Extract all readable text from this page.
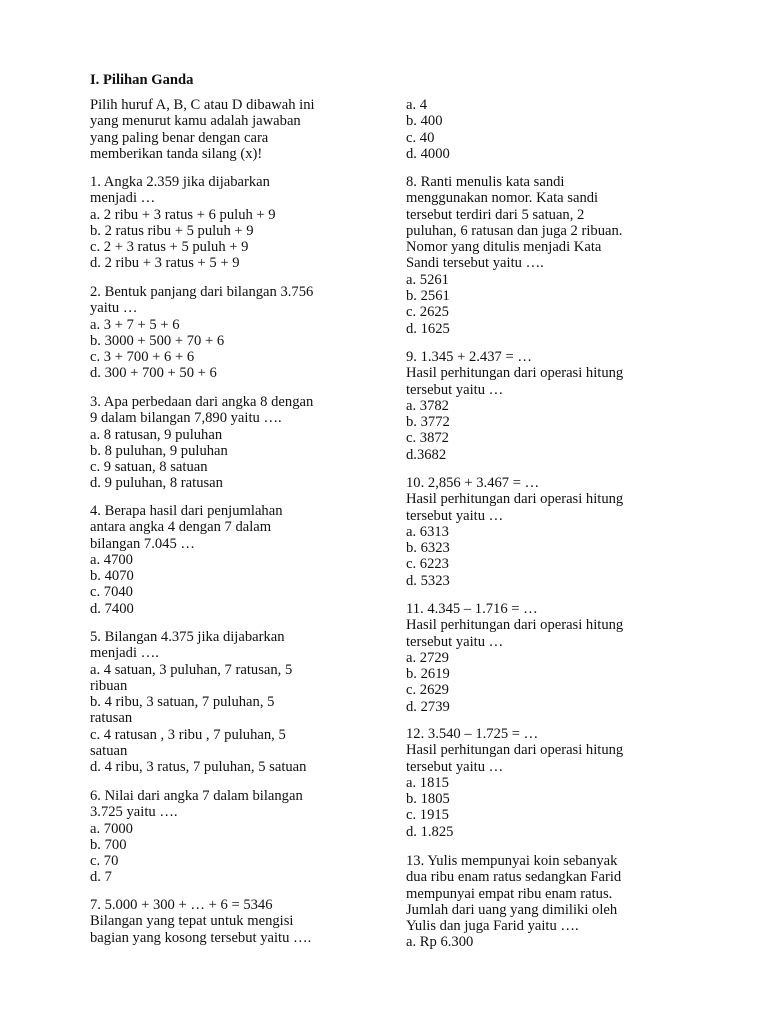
I. Pilihan Ganda
Pilih huruf A, B, C atau D dibawah ini
yang menurut kamu adalah jawaban
yang paling benar dengan cara
memberikan tanda silang (x)!
1. Angka 2.359 jika dijabarkan
menjadi …
a. 2 ribu + 3 ratus + 6 puluh + 9
b. 2 ratus ribu + 5 puluh + 9
c. 2 + 3 ratus + 5 puluh + 9
d. 2 ribu + 3 ratus + 5 + 9
2. Bentuk panjang dari bilangan 3.756
yaitu …
a. 3 + 7 + 5 + 6
b. 3000 + 500 + 70 + 6
c. 3 + 700 + 6 + 6
d. 300 + 700 + 50 + 6
3. Apa perbedaan dari angka 8 dengan
9 dalam bilangan 7,890 yaitu ….
a. 8 ratusan, 9 puluhan
b. 8 puluhan, 9 puluhan
c. 9 satuan, 8 satuan
d. 9 puluhan, 8 ratusan
4. Berapa hasil dari penjumlahan
antara angka 4 dengan 7 dalam
bilangan 7.045 …
a. 4700
b. 4070
c. 7040
d. 7400
5. Bilangan 4.375 jika dijabarkan
menjadi ….
a. 4 satuan, 3 puluhan, 7 ratusan, 5
ribuan
b. 4 ribu, 3 satuan, 7 puluhan, 5
ratusan
c. 4 ratusan , 3 ribu , 7 puluhan, 5
satuan
d. 4 ribu, 3 ratus, 7 puluhan, 5 satuan
6. Nilai dari angka 7 dalam bilangan
3.725 yaitu ….
a. 7000
b. 700
c. 70
d. 7
7. 5.000 + 300 + … + 6 = 5346
Bilangan yang tepat untuk mengisi
bagian yang kosong tersebut yaitu ….
a. 4
b. 400
c. 40
d. 4000
8. Ranti menulis kata sandi
menggunakan nomor. Kata sandi
tersebut terdiri dari 5 satuan, 2
puluhan, 6 ratusan dan juga 2 ribuan.
Nomor yang ditulis menjadi Kata
Sandi tersebut yaitu ….
a. 5261
b. 2561
c. 2625
d. 1625
9. 1.345 + 2.437 = …
Hasil perhitungan dari operasi hitung
tersebut yaitu …
a. 3782
b. 3772
c. 3872
d.3682
10. 2,856 + 3.467 = …
Hasil perhitungan dari operasi hitung
tersebut yaitu …
a. 6313
b. 6323
c. 6223
d. 5323
11. 4.345 – 1.716 = …
Hasil perhitungan dari operasi hitung
tersebut yaitu …
a. 2729
b. 2619
c. 2629
d. 2739
12. 3.540 – 1.725 = …
Hasil perhitungan dari operasi hitung
tersebut yaitu …
a. 1815
b. 1805
c. 1915
d. 1.825
13. Yulis mempunyai koin sebanyak
dua ribu enam ratus sedangkan Farid
mempunyai empat ribu enam ratus.
Jumlah dari uang yang dimiliki oleh
Yulis dan juga Farid yaitu ….
a. Rp 6.300
